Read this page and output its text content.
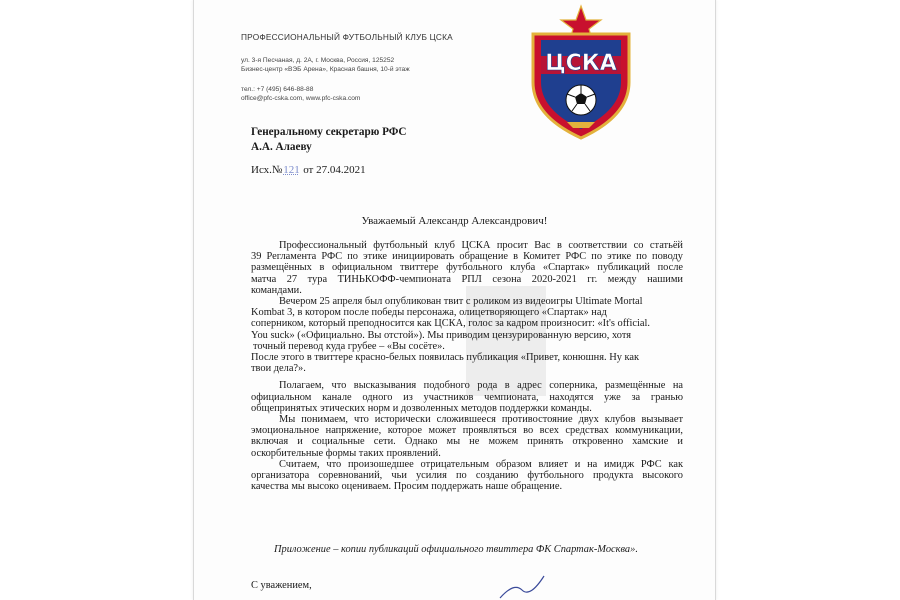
ПРОФЕССИОНАЛЬНЫЙ ФУТБОЛЬНЫЙ КЛУБ ЦСКА
ул. 3-я Песчаная, д. 2А, г. Москва, Россия, 125252
Бизнес-центр «ВЭБ Арена», Красная башня, 10-й этаж
тел.: +7 (495) 646-88-88
office@pfc-cska.com, www.pfc-cska.com
ЦСКА
Генеральному секретарю РФС
А.А. Алаеву
Исх.№121 от 27.04.2021
Уважаемый Александр Александрович!

Профессиональный футбольный клуб ЦСКА просит Вас в соответствии со статьёй

39 Регламента РФС по этике инициировать обращение в Комитет РФС по этике по поводу

размещённых в официальном твиттере футбольного клуба «Спартак» публикаций после

матча 27 тура ТИНЬКОФФ-чемпионата РПЛ сезона 2020-2021 гг. между нашими

командами.

Вечером 25 апреля был опубликован твит с роликом из видеоигры Ultimate Mortal

Kombat 3, в котором после победы персонажа, олицетворяющего «Спартак» над

соперником, который преподносится как ЦСКА, голос за кадром произносит: «It's official.

You suck» («Официально. Вы отстой»). Мы приводим цензурированную версию, хотя

точный перевод куда грубее – «Вы сосёте».

После этого в твиттере красно-белых появилась публикация «Привет, конюшня. Ну как

твои дела?».

Полагаем, что высказывания подобного рода в адрес соперника, размещённые на

официальном канале одного из участников чемпионата, находятся уже за гранью

общепринятых этических норм и дозволенных методов поддержки команды.

Мы понимаем, что исторически сложившееся противостояние двух клубов вызывает

эмоциональное напряжение, которое может проявляться во всех средствах коммуникации,

включая и социальные сети. Однако мы не можем принять откровенно хамские и

оскорбительные формы таких проявлений.

Считаем, что произошедшее отрицательным образом влияет и на имидж РФС как

организатора соревнований, чьи усилия по созданию футбольного продукта высокого

качества мы высоко оцениваем. Просим поддержать наше обращение.

Приложение – копии публикаций официального твиттера ФК Спартак-Москва».
С уважением,
